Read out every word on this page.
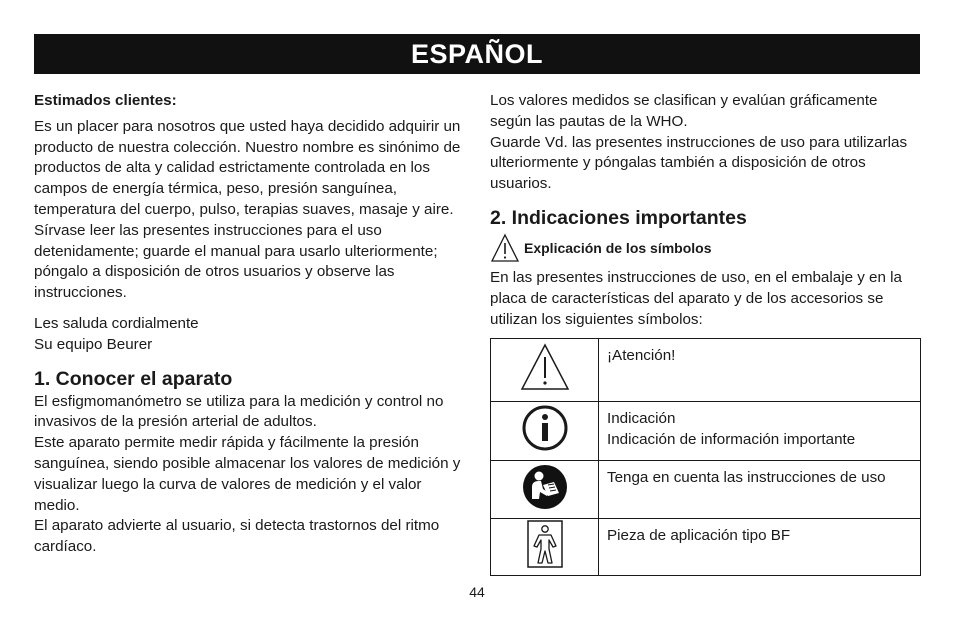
ESPAÑOL

Estimados clientes:

Es un placer para nosotros que usted haya decidido adquirir un producto de nuestra colección. Nuestro nombre es sinónimo de productos de alta y calidad estrictamente controlada en los campos de energía térmica, peso, presión sanguínea, temperatura del cuerpo, pulso, terapias suaves, masaje y aire.

Sírvase leer las presentes instrucciones para el uso detenidamente; guarde el manual para usarlo ulteriormente; póngalo a disposición de otros usuarios y observe las instrucciones.

Les saluda cordialmente

Su equipo Beurer

1. Conocer el aparato

El esfigmomanómetro se utiliza para la medición y control no invasivos de la presión arterial de adultos.

Este aparato permite medir rápida y fácilmente la presión sanguínea, siendo posible almacenar los valores de medición y visualizar luego la curva de valores de medición y el valor medio.

El aparato advierte al usuario, si detecta trastornos del ritmo cardíaco.

Los valores medidos se clasifican y evalúan gráficamente según las pautas de la WHO.

Guarde Vd. las presentes instrucciones de uso para utilizarlas ulteriormente y póngalas también a disposición de otros usuarios.

2. Indicaciones importantes
Explicación de los símbolos

En las presentes instrucciones de uso, en el embalaje y en la placa de características del aparato y de los accesorios se utilizan los siguientes símbolos:

¡Atención!

Indicación
Indicación de información importante

Tenga en cuenta las instrucciones de uso

Pieza de aplicación tipo BF
44
